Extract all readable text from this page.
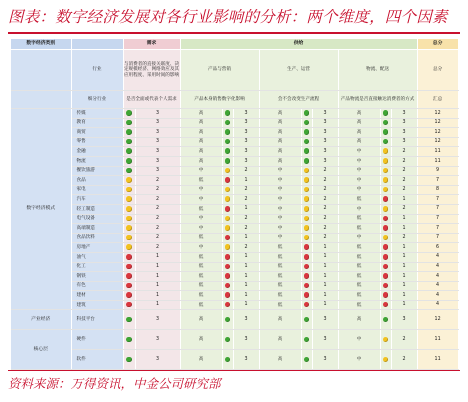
图表：数字经济发展对各行业影响的分析：两个维度，四个因素
数字经济类别		需求		供给									总分
	行业	与消费者的直接关联度、决定规模经济、网络效应及其应用程度、采用时间的影响		产品与营销			生产、运营			物流、配送			总分
	细分行业	是否全面或代表个人需求		产品本身销售数字化影响			会不会改变生产流程			产品物流是否直接触达消费者的方式			汇总
数字经济模式	传媒		3	高		3	高		3	高		3	12
	教育		3	高		3	高		3	高		3	12
	商贸		3	高		3	高		3	高		3	12
	零售		3	高		3	高		3	高		3	12
	金融		3	高		3	高		3	中		2	11
	物流		3	高		3	高		3	中		2	11
	餐饮旅游		3	中		2	中		2	中		2	9
	食品		2	低		1	中		2	中		2	7
	家电		2	中		2	中		2	中		2	8
	汽车		2	中		2	中		2	低		1	7
	轻工制造		2	低		1	中		2	中		2	7
	电气设备		2	中		2	中		2	低		1	7
	高端制造		2	中		2	中		2	低		1	7
	食品饮料		2	低		1	中		2	中		2	7
	房地产		2	中		2	低		1	低		1	6
	油气		1	低		1	低		1	低		1	4
	化工		1	低		1	低		1	低		1	4
	钢铁		1	低		1	低		1	低		1	4
	有色		1	低		1	低		1	低		1	4
	建材		1	低		1	低		1	低		1	4
	建筑		1	低		1	低		1	低		1	4
产业经济	科技平台		3	高		3	高		3	高		3	12
核心层	硬件		3	高		3	高		3	中		2	11
	软件		3	高		3	高		3	中		2	11
资料来源：万得资讯，中金公司研究部
